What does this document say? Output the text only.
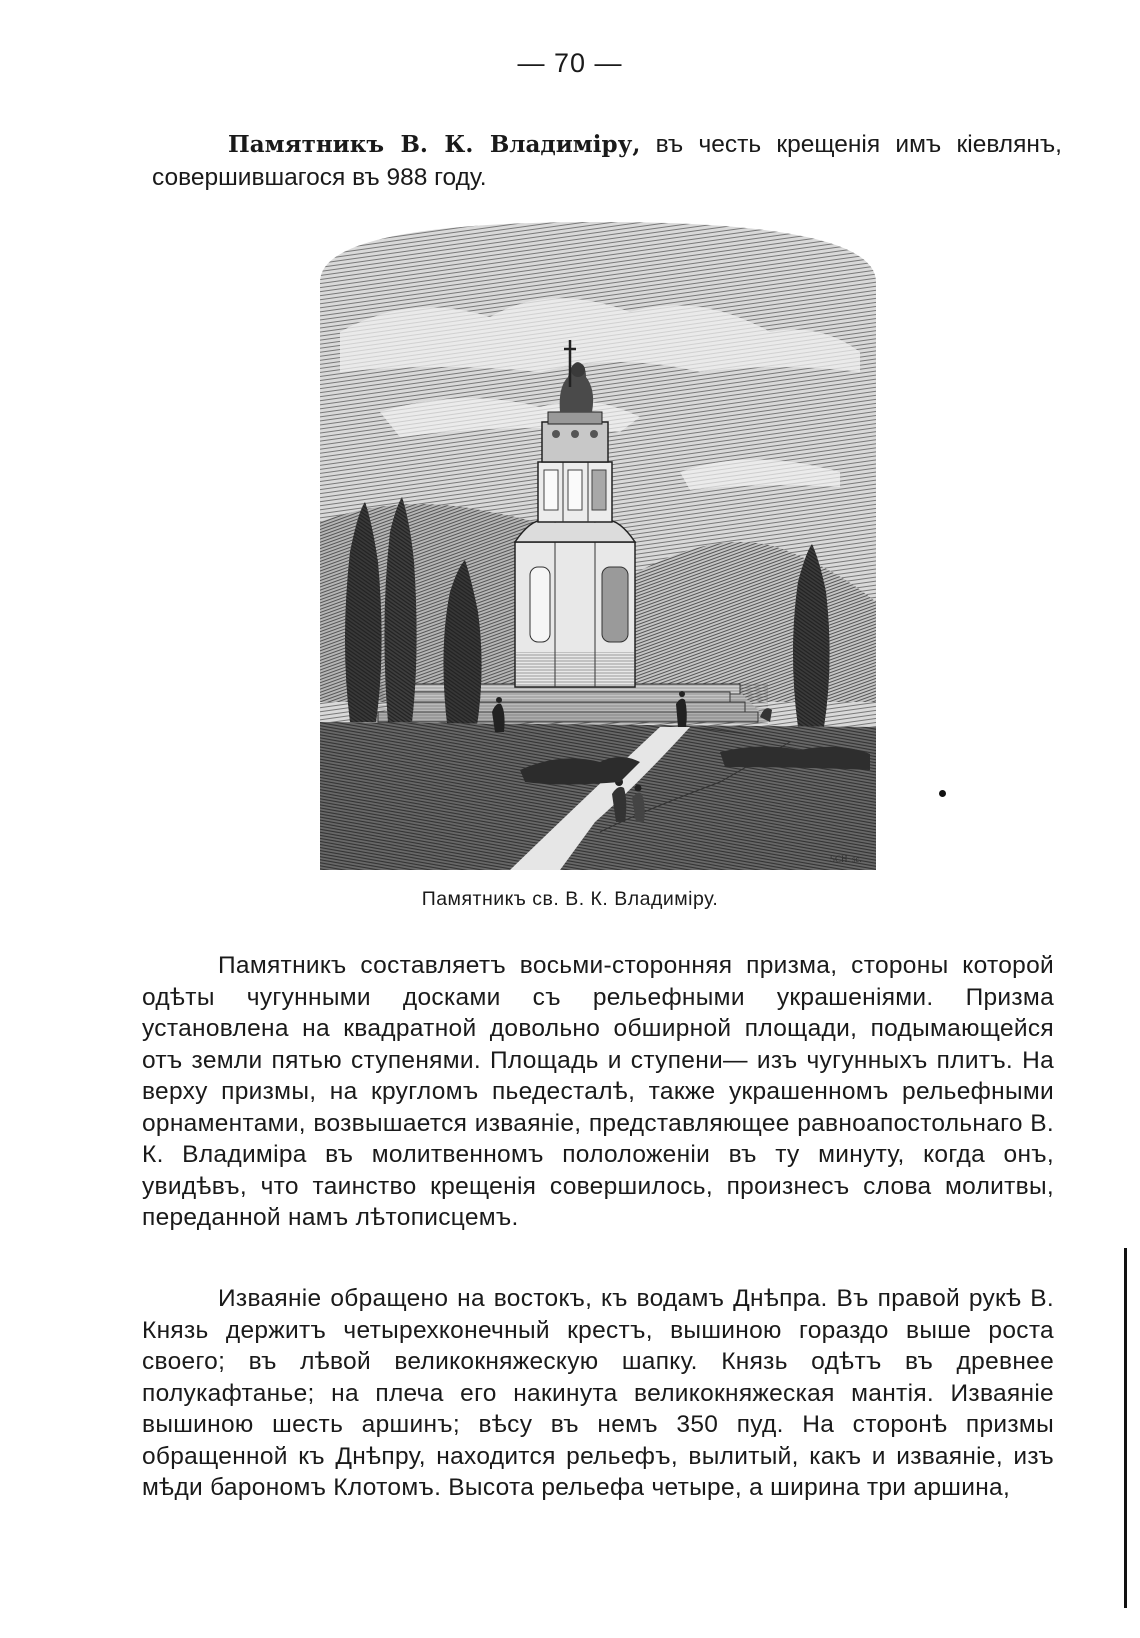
— 70 —
Памятникъ В. К. Владиміру, въ честь крещенія имъ кіевлянъ, совершившагося въ 988 году.
SCH. sc.
Памятникъ св. В. К. Владиміру.

Памятникъ составляетъ восьми-сторонняя призма, стороны которой одѣты чугунными досками съ рельефными украшеніями. Призма установлена на квадратной довольно обширной площади, подымающейся отъ земли пятью ступенями. Площадь и ступени— изъ чугунныхъ плитъ. На верху призмы, на кругломъ пьедесталѣ, также украшенномъ рельефными орнаментами, возвышается изваяніе, представляющее равноапостольнаго В. К. Владиміра въ молитвенномъ пололоженіи въ ту минуту, когда онъ, увидѣвъ, что таинство крещенія совершилось, произнесъ слова молитвы, переданной намъ лѣтописцемъ.

Изваяніе обращено на востокъ, къ водамъ Днѣпра. Въ правой рукѣ В. Князь держитъ четырехконечный крестъ, вышиною гораздо выше роста своего; въ лѣвой великокняжескую шапку. Князь одѣтъ въ древнее полукафтанье; на плеча его накинута великокняжеская мантія. Изваяніе вышиною шесть аршинъ; вѣсу въ немъ 350 пуд. На сторонѣ призмы обращенной къ Днѣпру, находится рельефъ, вылитый, какъ и изваяніе, изъ мѣди барономъ Клотомъ. Высота рельефа четыре, а ширина три аршина,
